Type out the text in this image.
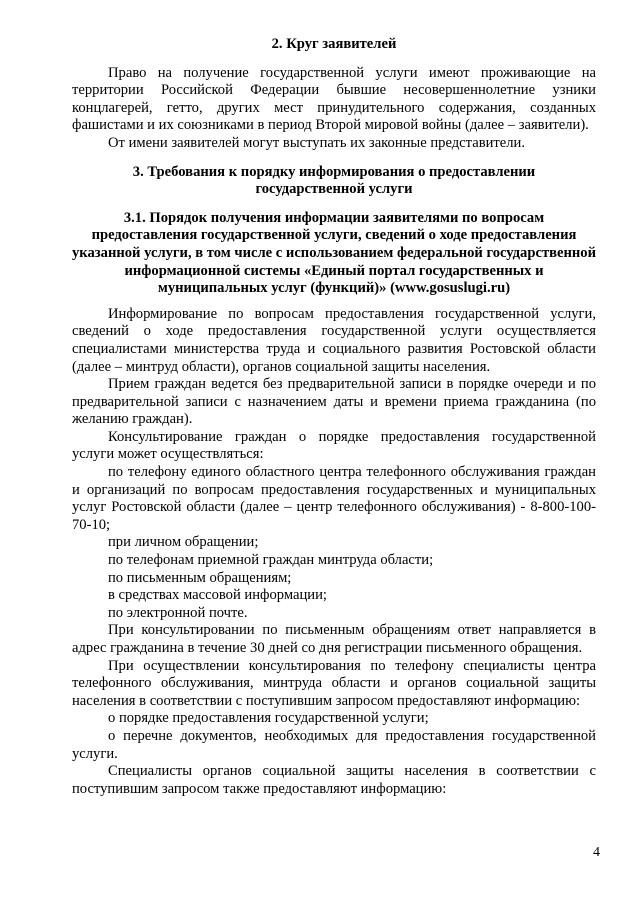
2. Круг заявителей

Право на получение государственной услуги имеют проживающие на территории Российской Федерации бывшие несовершеннолетние узники концлагерей, гетто, других мест принудительного содержания, созданных фашистами и их союзниками в период Второй мировой войны (далее – заявители).

От имени заявителей могут выступать их законные представители.

3. Требования к порядку информирования о предоставлении государственной услуги

3.1. Порядок получения информации заявителями по вопросам предоставления государственной услуги, сведений о ходе предоставления указанной услуги, в том числе с использованием федеральной государственной информационной системы «Единый портал государственных и муниципальных услуг (функций)» (www.gosuslugi.ru)

Информирование по вопросам предоставления государственной услуги, сведений о ходе предоставления государственной услуги осуществляется специалистами министерства труда и социального развития Ростовской области (далее – минтруд области), органов социальной защиты населения.

Прием граждан ведется без предварительной записи в порядке очереди и по предварительной записи с назначением даты и времени приема гражданина (по желанию граждан).

Консультирование граждан о порядке предоставления государственной услуги может осуществляться:

по телефону единого областного центра телефонного обслуживания граждан и организаций по вопросам предоставления государственных и муниципальных услуг Ростовской области (далее – центр телефонного обслуживания) - 8-800-100-70-10;

при личном обращении;

по телефонам приемной граждан минтруда области;

по письменным обращениям;

в средствах массовой информации;

по электронной почте.

При консультировании по письменным обращениям ответ направляется в адрес гражданина в течение 30 дней со дня регистрации письменного обращения.

При осуществлении консультирования по телефону специалисты центра телефонного обслуживания, минтруда области и органов социальной защиты населения в соответствии с поступившим запросом предоставляют информацию:

о порядке предоставления государственной услуги;

о перечне документов, необходимых для предоставления государственной услуги.

Специалисты органов социальной защиты населения в соответствии с поступившим запросом также предоставляют информацию:

4
